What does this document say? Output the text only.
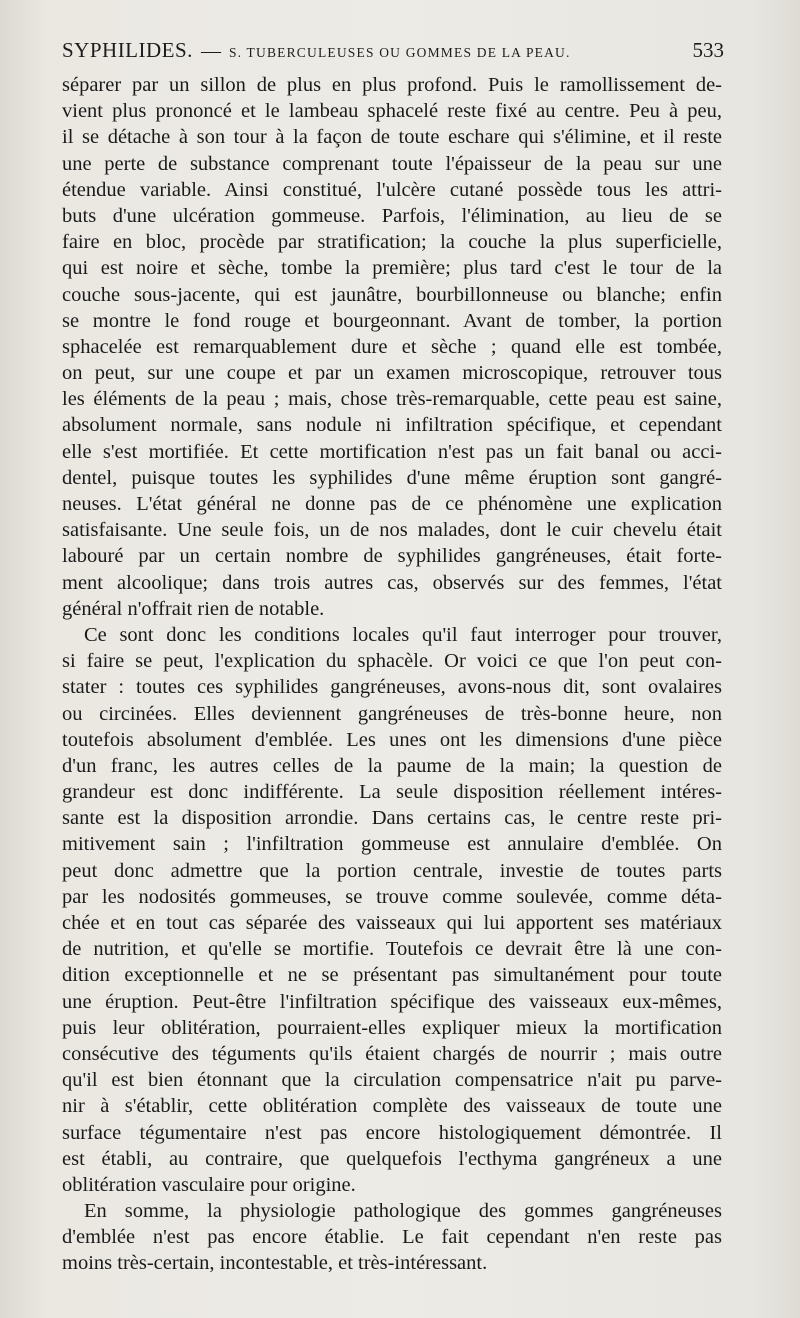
SYPHILIDES. — S. TUBERCULEUSES OU GOMMES DE LA PEAU.	533
séparer par un sillon de plus en plus profond. Puis le ramollissement de-
vient plus prononcé et le lambeau sphacelé reste fixé au centre. Peu à peu,
il se détache à son tour à la façon de toute eschare qui s'élimine, et il reste
une perte de substance comprenant toute l'épaisseur de la peau sur une
étendue variable. Ainsi constitué, l'ulcère cutané possède tous les attri-
buts d'une ulcération gommeuse. Parfois, l'élimination, au lieu de se
faire en bloc, procède par stratification; la couche la plus superficielle,
qui est noire et sèche, tombe la première; plus tard c'est le tour de la
couche sous-jacente, qui est jaunâtre, bourbillonneuse ou blanche; enfin
se montre le fond rouge et bourgeonnant. Avant de tomber, la portion
sphacelée est remarquablement dure et sèche ; quand elle est tombée,
on peut, sur une coupe et par un examen microscopique, retrouver tous
les éléments de la peau ; mais, chose très-remarquable, cette peau est saine,
absolument normale, sans nodule ni infiltration spécifique, et cependant
elle s'est mortifiée. Et cette mortification n'est pas un fait banal ou acci-
dentel, puisque toutes les syphilides d'une même éruption sont gangré-
neuses. L'état général ne donne pas de ce phénomène une explication
satisfaisante. Une seule fois, un de nos malades, dont le cuir chevelu était
labouré par un certain nombre de syphilides gangréneuses, était forte-
ment alcoolique; dans trois autres cas, observés sur des femmes, l'état
général n'offrait rien de notable.
Ce sont donc les conditions locales qu'il faut interroger pour trouver,
si faire se peut, l'explication du sphacèle. Or voici ce que l'on peut con-
stater : toutes ces syphilides gangréneuses, avons-nous dit, sont ovalaires
ou circinées. Elles deviennent gangréneuses de très-bonne heure, non
toutefois absolument d'emblée. Les unes ont les dimensions d'une pièce
d'un franc, les autres celles de la paume de la main; la question de
grandeur est donc indifférente. La seule disposition réellement intéres-
sante est la disposition arrondie. Dans certains cas, le centre reste pri-
mitivement sain ; l'infiltration gommeuse est annulaire d'emblée. On
peut donc admettre que la portion centrale, investie de toutes parts
par les nodosités gommeuses, se trouve comme soulevée, comme déta-
chée et en tout cas séparée des vaisseaux qui lui apportent ses matériaux
de nutrition, et qu'elle se mortifie. Toutefois ce devrait être là une con-
dition exceptionnelle et ne se présentant pas simultanément pour toute
une éruption. Peut-être l'infiltration spécifique des vaisseaux eux-mêmes,
puis leur oblitération, pourraient-elles expliquer mieux la mortification
consécutive des téguments qu'ils étaient chargés de nourrir ; mais outre
qu'il est bien étonnant que la circulation compensatrice n'ait pu parve-
nir à s'établir, cette oblitération complète des vaisseaux de toute une
surface tégumentaire n'est pas encore histologiquement démontrée. Il
est établi, au contraire, que quelquefois l'ecthyma gangréneux a une
oblitération vasculaire pour origine.
En somme, la physiologie pathologique des gommes gangréneuses
d'emblée n'est pas encore établie. Le fait cependant n'en reste pas
moins très-certain, incontestable, et très-intéressant.
